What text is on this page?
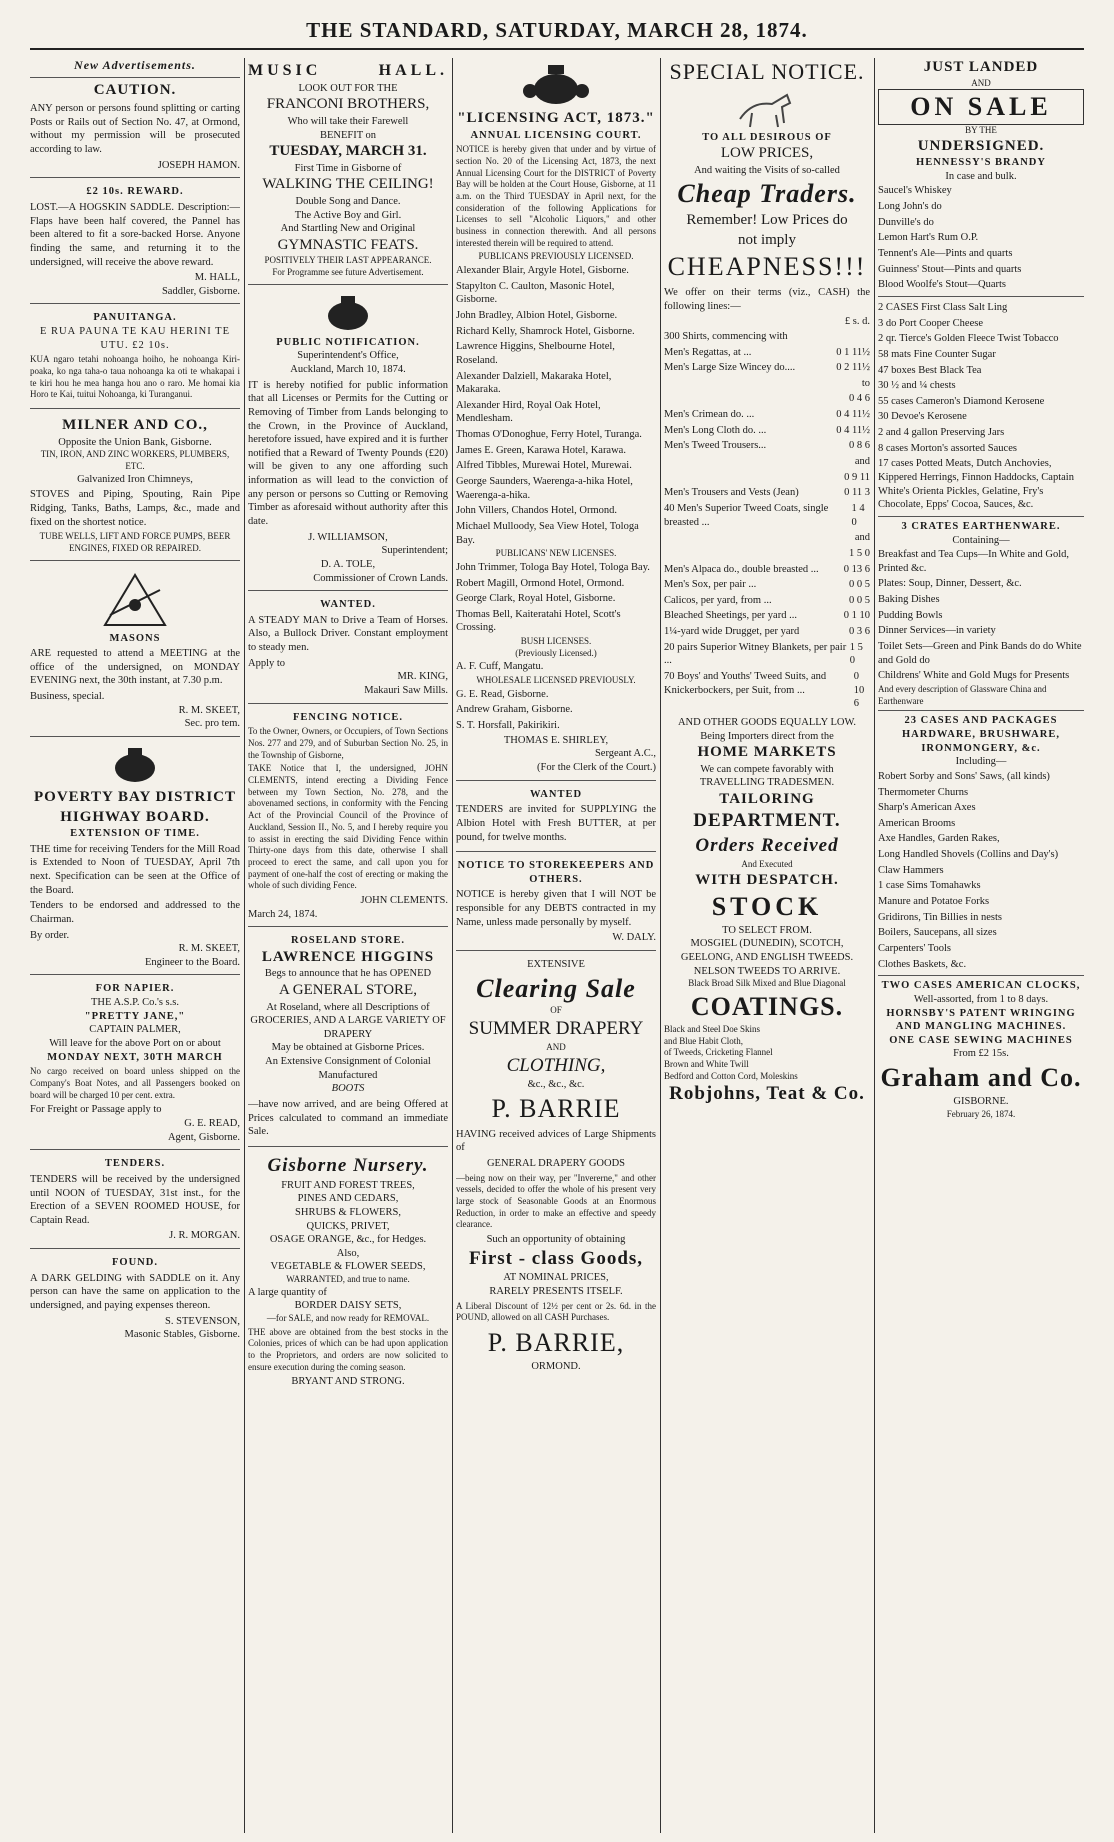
THE STANDARD, SATURDAY, MARCH 28, 1874.
New Advertisements.
CAUTION.

ANY person or persons found splitting or carting Posts or Rails out of Section No. 47, at Ormond, without my permission will be prosecuted according to law.

JOSEPH HAMON.
£2 10s. REWARD.

LOST.—A HOGSKIN SADDLE. Description:—Flaps have been half covered, the Pannel has been altered to fit a sore-backed Horse. Anyone finding the same, and returning it to the undersigned, will receive the above reward.

M. HALL,
Saddler, Gisborne.
PANUITANGA.
E RUA PAUNA TE KAU HERINI TE UTU. £2 10s.

KUA ngaro tetahi nohoanga hoiho, he nohoanga Kiri-poaka, ko nga taha-o taua nohoanga ka oti te whakapai i te kiri hou he mea hanga hou ano o raro. Me homai kia Horo te Kai, tuitui Nohoanga, ki Turanganui.

MILNER AND CO.,
Opposite the Union Bank, Gisborne.
TIN, IRON, AND ZINC WORKERS, PLUMBERS, ETC.
Galvanized Iron Chimneys,

STOVES and Piping, Spouting, Rain Pipe Ridging, Tanks, Baths, Lamps, &c., made and fixed on the shortest notice.

TUBE WELLS, LIFT AND FORCE PUMPS, BEER ENGINES, FIXED OR REPAIRED.
MASONS

ARE requested to attend a MEETING at the office of the undersigned, on MONDAY EVENING next, the 30th instant, at 7.30 p.m.

Business, special.
R. M. SKEET,
Sec. pro tem.
POVERTY BAY DISTRICT
HIGHWAY BOARD.
EXTENSION OF TIME.

THE time for receiving Tenders for the Mill Road is Extended to Noon of TUESDAY, April 7th next. Specification can be seen at the Office of the Board.

Tenders to be endorsed and addressed to the Chairman.

By order.
R. M. SKEET,
Engineer to the Board.
FOR NAPIER.
THE A.S.P. Co.'s s.s.
"PRETTY JANE,"
CAPTAIN PALMER,
Will leave for the above Port on or about
MONDAY NEXT, 30TH MARCH

No cargo received on board unless shipped on the Company's Boat Notes, and all Passengers booked on board will be charged 10 per cent. extra.

For Freight or Passage apply to
G. E. READ,
Agent, Gisborne.
TENDERS.

TENDERS will be received by the undersigned until NOON of TUESDAY, 31st inst., for the Erection of a SEVEN ROOMED HOUSE, for Captain Read.

J. R. MORGAN.
FOUND.

A DARK GELDING with SADDLE on it. Any person can have the same on application to the undersigned, and paying expenses thereon.

S. STEVENSON,
Masonic Stables, Gisborne.
MUSIC	HALL.
LOOK OUT FOR THE
FRANCONI BROTHERS,
Who will take their Farewell
BENEFIT on
TUESDAY, MARCH 31.
First Time in Gisborne of
WALKING THE CEILING!
Double Song and Dance.
The Active Boy and Girl.
And Startling New and Original
GYMNASTIC FEATS.
POSITIVELY THEIR LAST APPEARANCE.
For Programme see future Advertisement.
PUBLIC NOTIFICATION.
Superintendent's Office,
Auckland, March 10, 1874.

IT is hereby notified for public information that all Licenses or Permits for the Cutting or Removing of Timber from Lands belonging to the Crown, in the Province of Auckland, heretofore issued, have expired and it is further notified that a Reward of Twenty Pounds (£20) will be given to any one affording such information as will lead to the conviction of any person or persons so Cutting or Removing Timber as aforesaid without authority after this date.

J. WILLIAMSON,
Superintendent;
D. A. TOLE,
Commissioner of Crown Lands.
WANTED.

A STEADY MAN to Drive a Team of Horses. Also, a Bullock Driver. Constant employment to steady men.

Apply to
MR. KING,
Makauri Saw Mills.
FENCING NOTICE.

To the Owner, Owners, or Occupiers, of Town Sections Nos. 277 and 279, and of Suburban Section No. 25, in the Township of Gisborne,

TAKE Notice that I, the undersigned, JOHN CLEMENTS, intend erecting a Dividing Fence between my Town Section, No. 278, and the abovenamed sections, in conformity with the Fencing Act of the Provincial Council of the Province of Auckland, Session II., No. 5, and I hereby require you to assist in erecting the said Dividing Fence within Thirty-one days from this date, otherwise I shall proceed to erect the same, and call upon you for payment of one-half the cost of erecting or making the whole of such dividing Fence.

JOHN CLEMENTS.
March 24, 1874.
ROSELAND STORE.
LAWRENCE HIGGINS
Begs to announce that he has OPENED
A GENERAL STORE,
At Roseland, where all Descriptions of
GROCERIES, AND A LARGE VARIETY OF
DRAPERY
May be obtained at Gisborne Prices.
An Extensive Consignment of Colonial Manufactured
BOOTS

—have now arrived, and are being Offered at Prices calculated to command an immediate Sale.

Gisborne Nursery.
FRUIT AND FOREST TREES,
PINES AND CEDARS,
SHRUBS & FLOWERS,
QUICKS, PRIVET,
OSAGE ORANGE, &c., for Hedges.
Also,
VEGETABLE & FLOWER SEEDS,
WARRANTED, and true to name.
A large quantity of
BORDER DAISY SETS,
—for SALE, and now ready for REMOVAL.

THE above are obtained from the best stocks in the Colonies, prices of which can be had upon application to the Proprietors, and orders are now solicited to ensure execution during the coming season.

BRYANT AND STRONG.
"LICENSING ACT, 1873."
ANNUAL LICENSING COURT.

NOTICE is hereby given that under and by virtue of section No. 20 of the Licensing Act, 1873, the next Annual Licensing Court for the DISTRICT of Poverty Bay will be holden at the Court House, Gisborne, at 11 a.m. on the Third TUESDAY in April next, for the consideration of the following Applications for Licenses to sell "Alcoholic Liquors," and other business in connection therewith. And all persons interested therein will be required to attend.

PUBLICANS PREVIOUSLY LICENSED.
Alexander Blair, Argyle Hotel, Gisborne.
Stapylton C. Caulton, Masonic Hotel, Gisborne.
John Bradley, Albion Hotel, Gisborne.
Richard Kelly, Shamrock Hotel, Gisborne.
Lawrence Higgins, Shelbourne Hotel, Roseland.
Alexander Dalziell, Makaraka Hotel, Makaraka.
Alexander Hird, Royal Oak Hotel, Mendlesham.
Thomas O'Donoghue, Ferry Hotel, Turanga.
James E. Green, Karawa Hotel, Karawa.
Alfred Tibbles, Murewai Hotel, Murewai.
George Saunders, Waerenga-a-hika Hotel, Waerenga-a-hika.
John Villers, Chandos Hotel, Ormond.
Michael Mulloody, Sea View Hotel, Tologa Bay.
PUBLICANS' NEW LICENSES.
John Trimmer, Tologa Bay Hotel, Tologa Bay.
Robert Magill, Ormond Hotel, Ormond.
George Clark, Royal Hotel, Gisborne.
Thomas Bell, Kaiteratahi Hotel, Scott's Crossing.
BUSH LICENSES.
(Previously Licensed.)
A. F. Cuff, Mangatu.
WHOLESALE LICENSED PREVIOUSLY.
G. E. Read, Gisborne.
Andrew Graham, Gisborne.
S. T. Horsfall, Pakirikiri.
THOMAS E. SHIRLEY,
Sergeant A.C.,
(For the Clerk of the Court.)
WANTED

TENDERS are invited for SUPPLYING the Albion Hotel with Fresh BUTTER, at per pound, for twelve months.

NOTICE TO STOREKEEPERS AND OTHERS.

NOTICE is hereby given that I will NOT be responsible for any DEBTS contracted in my Name, unless made personally by myself.

W. DALY.
EXTENSIVE
Clearing Sale
OF
SUMMER DRAPERY
AND
CLOTHING,
&c., &c., &c.
P. BARRIE

HAVING received advices of Large Shipments of

GENERAL DRAPERY GOODS

—being now on their way, per "Invererne," and other vessels, decided to offer the whole of his present very large stock of Seasonable Goods at an Enormous Reduction, in order to make an effective and speedy clearance.

Such an opportunity of obtaining
First - class Goods,
AT NOMINAL PRICES,
RARELY PRESENTS ITSELF.

A Liberal Discount of 12½ per cent or 2s. 6d. in the POUND, allowed on all CASH Purchases.

P. BARRIE,
ORMOND.
SPECIAL NOTICE.
TO ALL DESIROUS OF
LOW PRICES,
And waiting the Visits of so-called
Cheap Traders.
Remember! Low Prices do
not imply
CHEAPNESS!!!

We offer on their terms (viz., CASH) the following lines:—

£ s. d.
300 Shirts, commencing with
Men's Regattas, at ...	0 1 11½
Men's Large Size Wincey do....	0 2 11½
to
0 4 6
Men's Crimean do. ...	0 4 11½
Men's Long Cloth do. ...	0 4 11½
Men's Tweed Trousers...	0 8 6
and
0 9 11
Men's Trousers and Vests (Jean)	0 11 3
40 Men's Superior Tweed Coats, single breasted ...
1 4 0
and
1 5 0
Men's Alpaca do., double breasted ... 0 13 6
Men's Sox, per pair ...	0 0 5
Calicos, per yard, from ...	0 0 5
Bleached Sheetings, per yard ...	0 1 10
1¼-yard wide Drugget, per yard	0 3 6
20 pairs Superior Witney Blankets, per pair ...
1 5 0
70 Boys' and Youths' Tweed Suits, and Knickerbockers, per Suit, from ...
0 10 6
AND OTHER GOODS EQUALLY LOW.
Being Importers direct from the
HOME MARKETS
We can compete favorably with
TRAVELLING TRADESMEN.
TAILORING
DEPARTMENT.
Orders Received
And Executed
WITH DESPATCH.
STOCK
TO SELECT FROM.
MOSGIEL (DUNEDIN), SCOTCH, GEELONG, AND ENGLISH TWEEDS.
NELSON TWEEDS TO ARRIVE.
Black Broad Silk Mixed and Blue Diagonal
COATINGS.
Black and Steel Doe Skins
and Blue Habit Cloth,
of Tweeds, Cricketing Flannel
Brown and White Twill
Bedford and Cotton Cord, Moleskins
Robjohns, Teat & Co.
JUST LANDED
AND
ON SALE
BY THE
UNDERSIGNED.
HENNESSY'S BRANDY
In case and bulk.
Saucel's Whiskey
Long John's do
Dunville's do
Lemon Hart's Rum O.P.
Tennent's Ale—Pints and quarts
Guinness' Stout—Pints and quarts
Blood Woolfe's Stout—Quarts
2 CASES First Class Salt Ling
3 do Port Cooper Cheese
2 qr. Tierce's Golden Fleece Twist Tobacco
58 mats Fine Counter Sugar
47 boxes Best Black Tea
30 ½ and ¼ chests
55 cases Cameron's Diamond Kerosene
30 Devoe's Kerosene
2 and 4 gallon Preserving Jars
8 cases Morton's assorted Sauces
17 cases Potted Meats, Dutch Anchovies, Kippered Herrings, Finnon Haddocks, Captain White's Orienta Pickles, Gelatine, Fry's Chocolate, Epps' Cocoa, Sauces, &c.
3 CRATES EARTHENWARE.
Containing—
Breakfast and Tea Cups—In White and Gold, Printed &c.
Plates: Soup, Dinner, Dessert, &c.
Baking Dishes
Pudding Bowls
Dinner Services—in variety
Toilet Sets—Green and Pink Bands do do White and Gold do
Childrens' White and Gold Mugs for Presents
And every description of Glassware China and Earthenware
23 CASES AND PACKAGES
HARDWARE, BRUSHWARE, IRONMONGERY, &c.
Including—
Robert Sorby and Sons' Saws, (all kinds)
Thermometer Churns
Sharp's American Axes
American Brooms
Axe Handles, Garden Rakes,
Long Handled Shovels (Collins and Day's)
Claw Hammers
1 case Sims Tomahawks
Manure and Potatoe Forks
Gridirons, Tin Billies in nests
Boilers, Saucepans, all sizes
Carpenters' Tools
Clothes Baskets, &c.
TWO CASES AMERICAN CLOCKS,
Well-assorted, from 1 to 8 days.
HORNSBY'S PATENT WRINGING AND MANGLING MACHINES.
ONE CASE SEWING MACHINES
From £2 15s.
Graham and Co.
GISBORNE.
February 26, 1874.
